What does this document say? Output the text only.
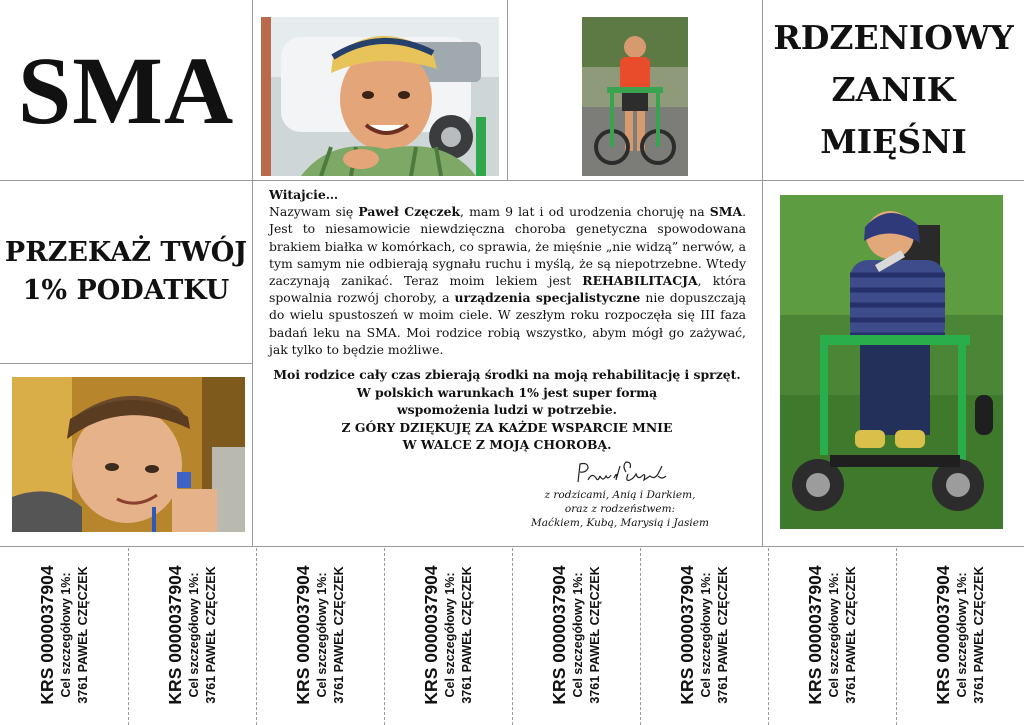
SMA	RDZENIOWY
ZANIK
MIĘŚNI
PRZEKAŻ TWÓJ
1% PODATKU
Witajcie…
Nazywam się Paweł Częczek, mam 9 lat i od urodzenia choruję na SMA. Jest to niesamowicie niewdzięczna choroba genetyczna spowodowana brakiem białka w komórkach, co sprawia, że mięśnie „nie widzą” nerwów, a tym samym nie odbierają sygnału ruchu i myślą, że są niepotrzebne. Wtedy zaczynają zanikać. Teraz moim lekiem jest REHABILITACJA, która spowalnia rozwój choroby, a urządzenia specjalistyczne nie dopuszczają do wielu spustoszeń w moim ciele. W zeszłym roku rozpoczęła się III faza badań leku na SMA. Moi rodzice robią wszystko, abym mógł go zażywać, jak tylko to będzie możliwe.
Moi rodzice cały czas zbierają środki na moją rehabilitację i sprzęt.
W polskich warunkach 1% jest super formą
wspomożenia ludzi w potrzebie.
Z GÓRY DZIĘKUJĘ ZA KAŻDE WSPARCIE MNIE
W WALCE Z MOJĄ CHOROBĄ.
z rodzicami, Anią i Darkiem,
oraz z rodzeństwem:
Maćkiem, Kubą, Marysią i Jasiem
KRS 0000037904 Cel szczegółowy 1%: 3761 PAWEŁ CZĘCZEK	KRS 0000037904 Cel szczegółowy 1%: 3761 PAWEŁ CZĘCZEK	KRS 0000037904 Cel szczegółowy 1%: 3761 PAWEŁ CZĘCZEK	KRS 0000037904 Cel szczegółowy 1%: 3761 PAWEŁ CZĘCZEK	KRS 0000037904 Cel szczegółowy 1%: 3761 PAWEŁ CZĘCZEK	KRS 0000037904 Cel szczegółowy 1%: 3761 PAWEŁ CZĘCZEK	KRS 0000037904 Cel szczegółowy 1%: 3761 PAWEŁ CZĘCZEK	KRS 0000037904 Cel szczegółowy 1%: 3761 PAWEŁ CZĘCZEK
